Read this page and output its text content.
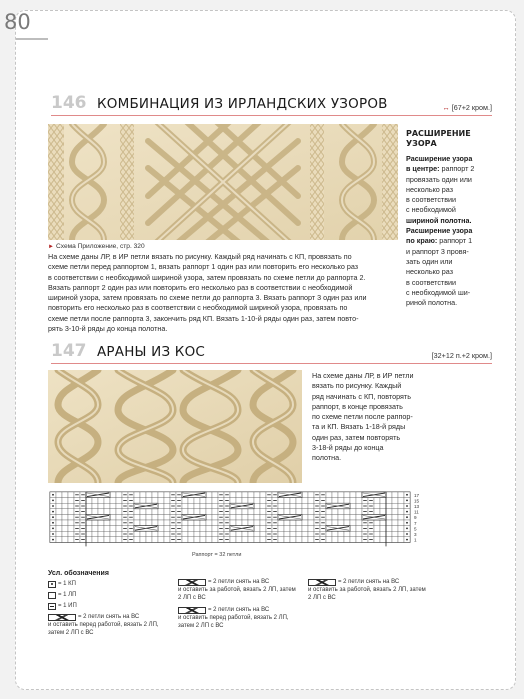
80
146 КОМБИНАЦИЯ ИЗ ИРЛАНДСКИХ УЗОРОВ	↔ [67+2 кром.]
► Схема Приложение, стр. 320
На схеме даны ЛР, в ИР петли вязать по рисунку. Каждый ряд начинать с КП, провязать по
схеме петли перед раппортом 1, вязать раппорт 1 один раз или повторить его несколько раз
в соответствии с необходимой шириной узора, затем провязать по схеме петли до раппорта 2.
Вязать раппорт 2 один раз или повторить его несколько раз в соответствии с необходимой
шириной узора, затем провязать по схеме петли до раппорта 3. Вязать раппорт 3 один раз или
повторить его несколько раз в соответствии с необходимой шириной узора, провязать по
схеме петли после раппорта 3, закончить ряд КП. Вязать 1-10-й ряды один раз, затем повто-
рять 3-10-й ряды до конца полотна.
РАСШИРЕНИЕ
УЗОРА
Расширение узора
в центре: раппорт 2
провязать один или
несколько раз
в соответствии
с необходимой
шириной полотна.
Расширение узора
по краю: раппорт 1
и раппорт 3 провя-
зать один или
несколько раз
в соответствии
с необходимой ши-
риной полотна.
147 АРАНЫ ИЗ КОС	[32+12 п.+2 кром.]
На схеме даны ЛР, в ИР петли
вязать по рисунку. Каждый
ряд начинать с КП, повторять
раппорт, в конце провязать
по схеме петли после раппор-
та и КП. Вязать 1-18-й ряды
один раз, затем повторять
3-18-й ряды до конца
полотна.
17
15
13
11
9
7
5
3
1
Раппорт = 32 петли
Усл. обозначения
= 1 КП
= 1 ЛП
= 1 ИП
= 2 петли снять на ВС
и оставить перед работой, вязать 2 ЛП, затем 2 ЛП с ВС
= 2 петли снять на ВС
и оставить за работой, вязать 2 ЛП, затем 2 ЛП с ВС
= 2 петли снять на ВС
и оставить перед работой, вязать 2 ЛП, затем 2 ЛП с ВС
= 2 петли снять на ВС
и оставить за работой, вязать 2 ЛП, затем 2 ЛП с ВС
